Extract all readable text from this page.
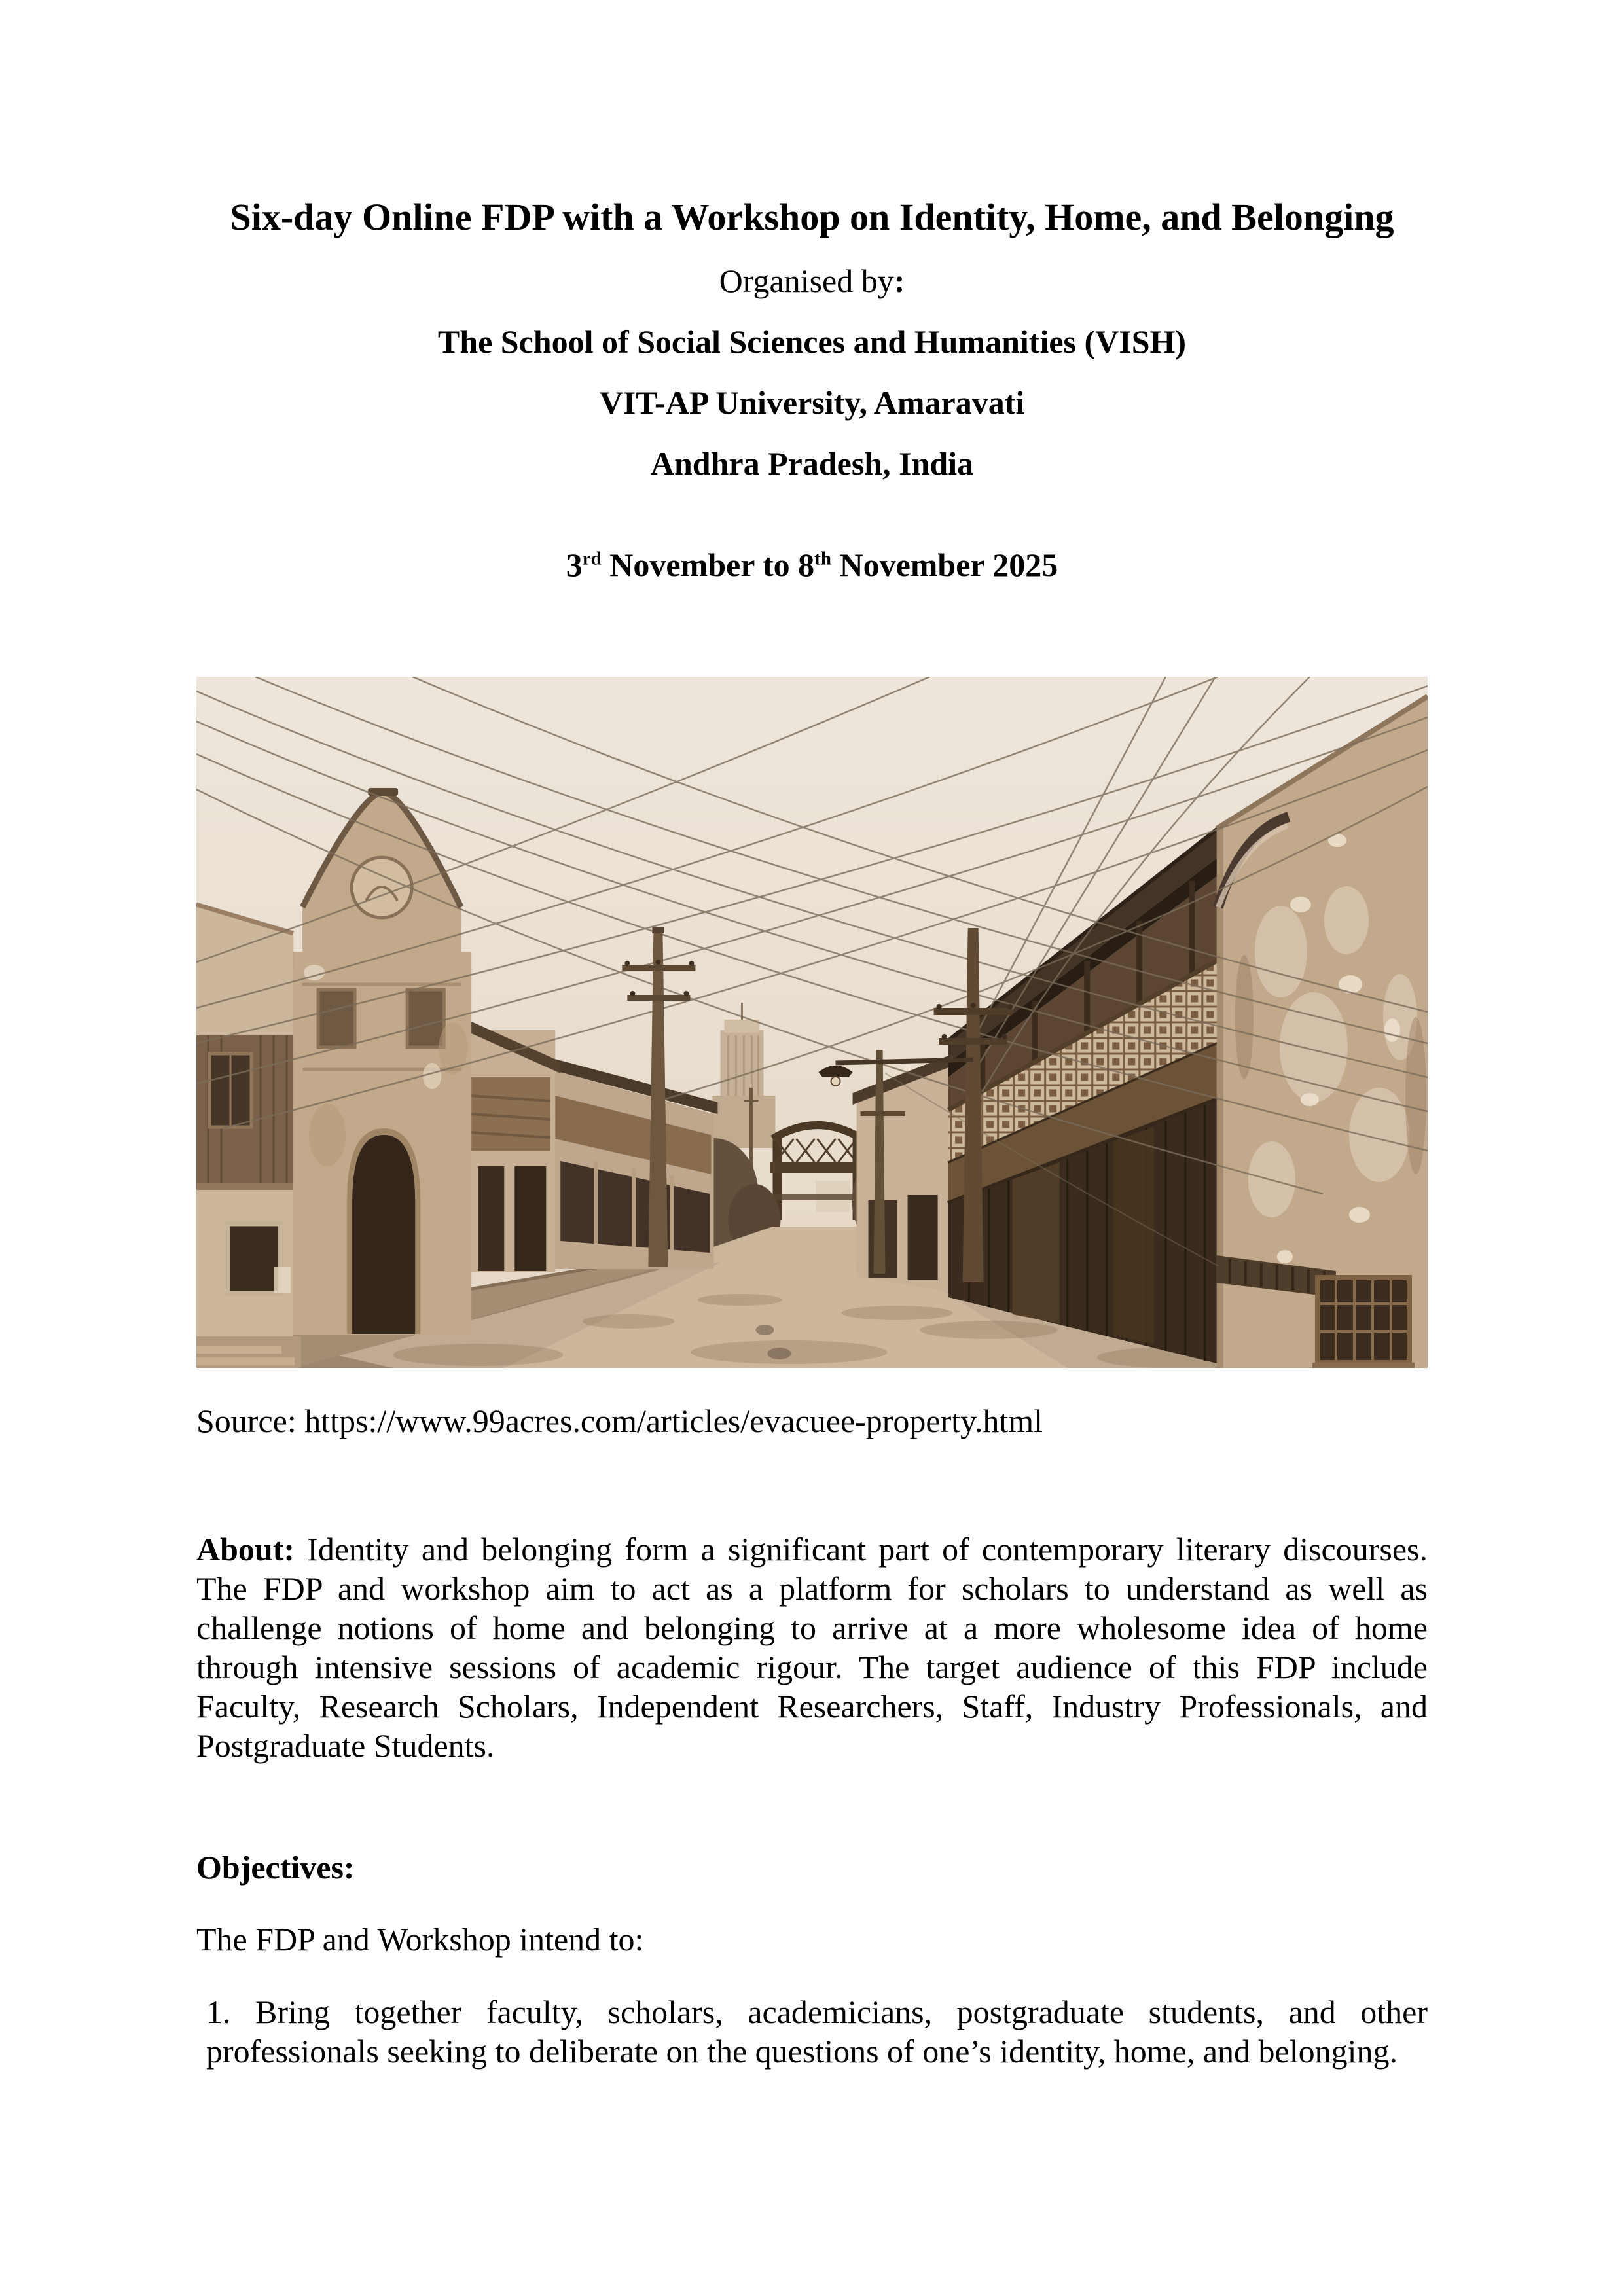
Six-day Online FDP with a Workshop on Identity, Home, and Belonging

Organised by:

The School of Social Sciences and Humanities (VISH)

VIT-AP University, Amaravati

Andhra Pradesh, India

3rd November to 8th November 2025

Source: https://www.99acres.com/articles/evacuee-property.html

About: Identity and belonging form a significant part of contemporary literary discourses. The FDP and workshop aim to act as a platform for scholars to understand as well as challenge notions of home and belonging to arrive at a more wholesome idea of home through intensive sessions of academic rigour. The target audience of this FDP include Faculty, Research Scholars, Independent Researchers, Staff, Industry Professionals, and Postgraduate Students.

Objectives:

The FDP and Workshop intend to:

1. Bring together faculty, scholars, academicians, postgraduate students, and other professionals seeking to deliberate on the questions of one’s identity, home, and belonging.
